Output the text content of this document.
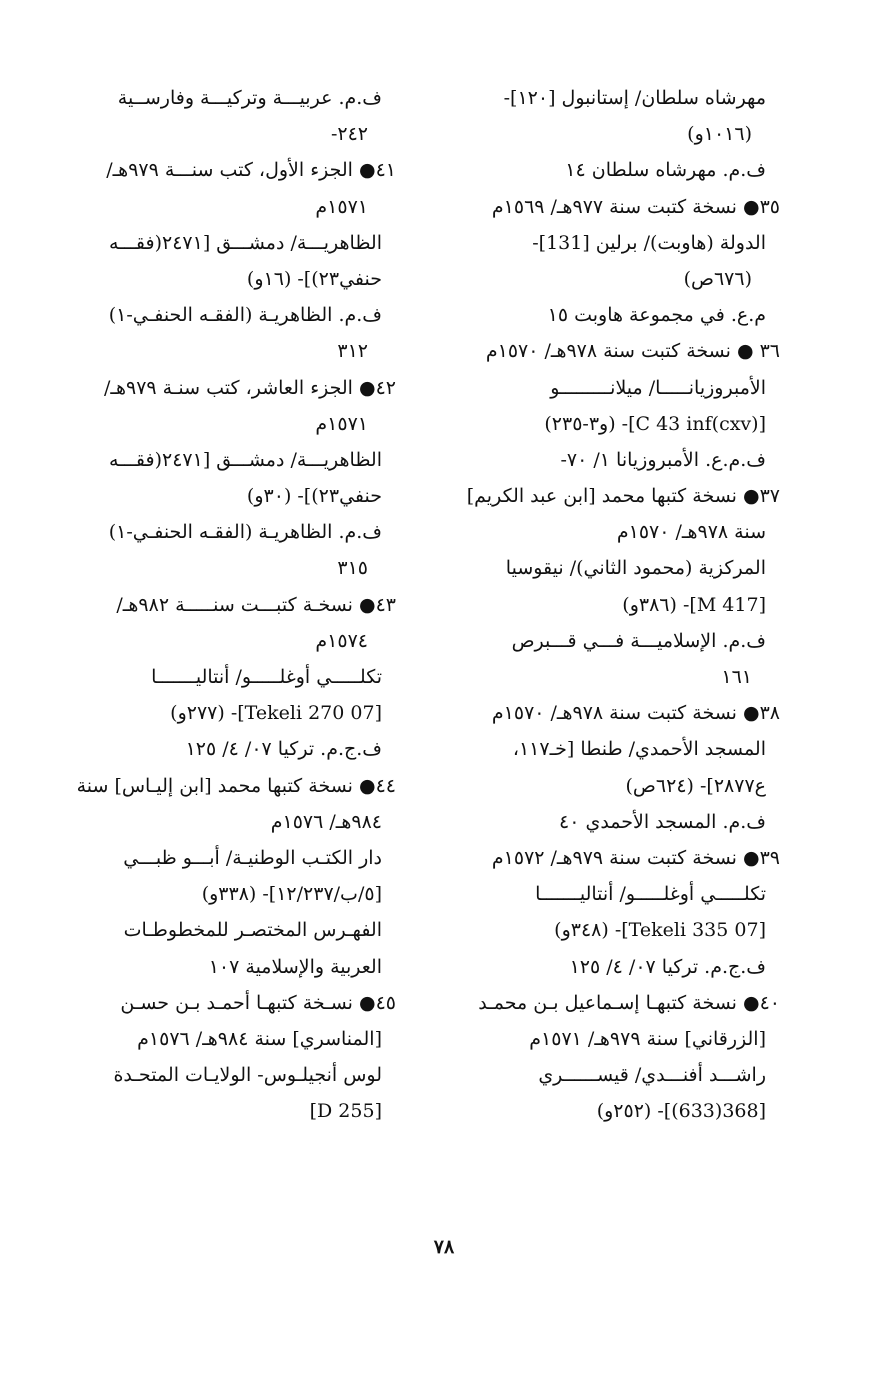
مهرشاه سلطان/ إستانبول [١٢٠]-
(١٠١٦و)
ف.م. مهرشاه سلطان ١٤
٣٥● نسخة كتبت سنة ٩٧٧هـ/ ١٥٦٩م
الدولة (هاوبت)/ برلين [131]-
(٦٧٦ص)
م.ع. في مجموعة هاوبت ١٥
٣٦ ● نسخة كتبت سنة ٩٧٨هـ/ ١٥٧٠م
الأمبروزيانـــــا/ ميلانـــــــــو
[C 43 inf(cxv)]- (و٣-٢٣٥)
ف.م.ع. الأمبروزيانا ١/ ٧٠-
٣٧● نسخة كتبها محمد [ابن عبد الكريم]
سنة ٩٧٨هـ/ ١٥٧٠م
المركزية (محمود الثاني)/ نيقوسيا
[M 417]- (٣٨٦و)
ف.م. الإسلاميـــة فـــي قـــبرص
١٦١
٣٨● نسخة كتبت سنة ٩٧٨هـ/ ١٥٧٠م
المسجد الأحمدي/ طنطا [خـ١١٧،
ع٢٨٧٧]- (٦٢٤ص)
ف.م. المسجد الأحمدي ٤٠
٣٩● نسخة كتبت سنة ٩٧٩هـ/ ١٥٧٢م
تكلـــــي أوغلـــــو/ أنتاليـــــــا
[07 Tekeli 335]- (٣٤٨و)
ف.ج.م. تركيا ٠٧/ ٤/ ١٢٥
٤٠● نسخة كتبهـا إسـماعيل بـن محمـد
[الزرقاني] سنة ٩٧٩هـ/ ١٥٧١م
راشـــد أفنـــدي/ قيســــــري
[368(633)]- (٢٥٢و)
ف.م. عربيـــة وتركيـــة وفارســية
٢٤٢-
٤١● الجزء الأول، كتب سنـــة ٩٧٩هـ/
١٥٧١م
الظاهريـــة/ دمشـــق [٢٤٧١(فقـــه
حنفي٢٣)]- (١٦و)
ف.م. الظاهريـة (الفقـه الحنفـي-١)
٣١٢
٤٢● الجزء العاشر، كتب سنـة ٩٧٩هـ/
١٥٧١م
الظاهريـــة/ دمشـــق [٢٤٧١(فقـــه
حنفي٢٣)]- (٣٠و)
ف.م. الظاهريـة (الفقـه الحنفـي-١)
٣١٥
٤٣● نسخـة كتبـــت سنـــــة ٩٨٢هـ/
١٥٧٤م
تكلـــــي أوغلـــــو/ أنتاليـــــــا
[07 Tekeli 270]- (٢٧٧و)
ف.ج.م. تركيا ٠٧/ ٤/ ١٢٥
٤٤● نسخة كتبها محمد [ابن إليـاس] سنة
٩٨٤هـ/ ١٥٧٦م
دار الكتـب الوطنيـة/ أبـــو ظبـــي
[٥/ب/١٢/٢٣٧]- (٣٣٨و)
الفهـرس المختصـر للمخطوطـات
العربية والإسلامية ١٠٧
٤٥● نسـخة كتبهـا أحمـد بـن حسـن
[المناسري] سنة ٩٨٤هـ/ ١٥٧٦م
لوس أنجيلـوس- الولايـات المتحـدة
[D 255]
٧٨
